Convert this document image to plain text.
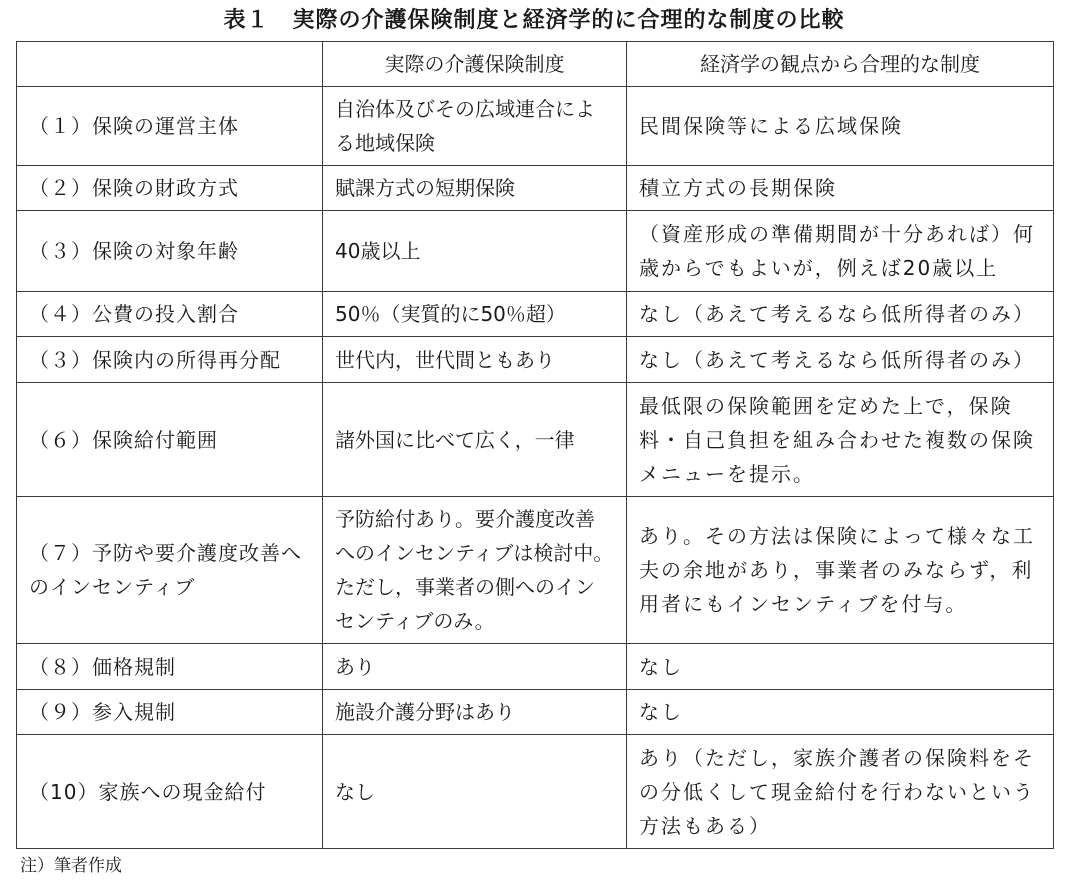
表１　実際の介護保険制度と経済学的に合理的な制度の比較
	実際の介護保険制度	経済学の観点から合理的な制度
（１）保険の運営主体	自治体及びその広域連合による地域保険	民間保険等による広域保険
（２）保険の財政方式	賦課方式の短期保険	積立方式の長期保険
（３）保険の対象年齢	40歳以上	（資産形成の準備期間が十分あれば）何歳からでもよいが，例えば20歳以上
（４）公費の投入割合	50％（実質的に50％超）	なし（あえて考えるなら低所得者のみ）
（３）保険内の所得再分配	世代内，世代間ともあり	なし（あえて考えるなら低所得者のみ）
（６）保険給付範囲	諸外国に比べて広く，一律	最低限の保険範囲を定めた上で，保険料・自己負担を組み合わせた複数の保険メニューを提示。
（７）予防や要介護度改善へのインセンティブ	予防給付あり。要介護度改善へのインセンティブは検討中。ただし，事業者の側へのインセンティブのみ。	あり。その方法は保険によって様々な工夫の余地があり，事業者のみならず，利用者にもインセンティブを付与。
（８）価格規制	あり	なし
（９）参入規制	施設介護分野はあり	なし
（10）家族への現金給付	なし	あり（ただし，家族介護者の保険料をその分低くして現金給付を行わないという方法もある）
注）筆者作成
